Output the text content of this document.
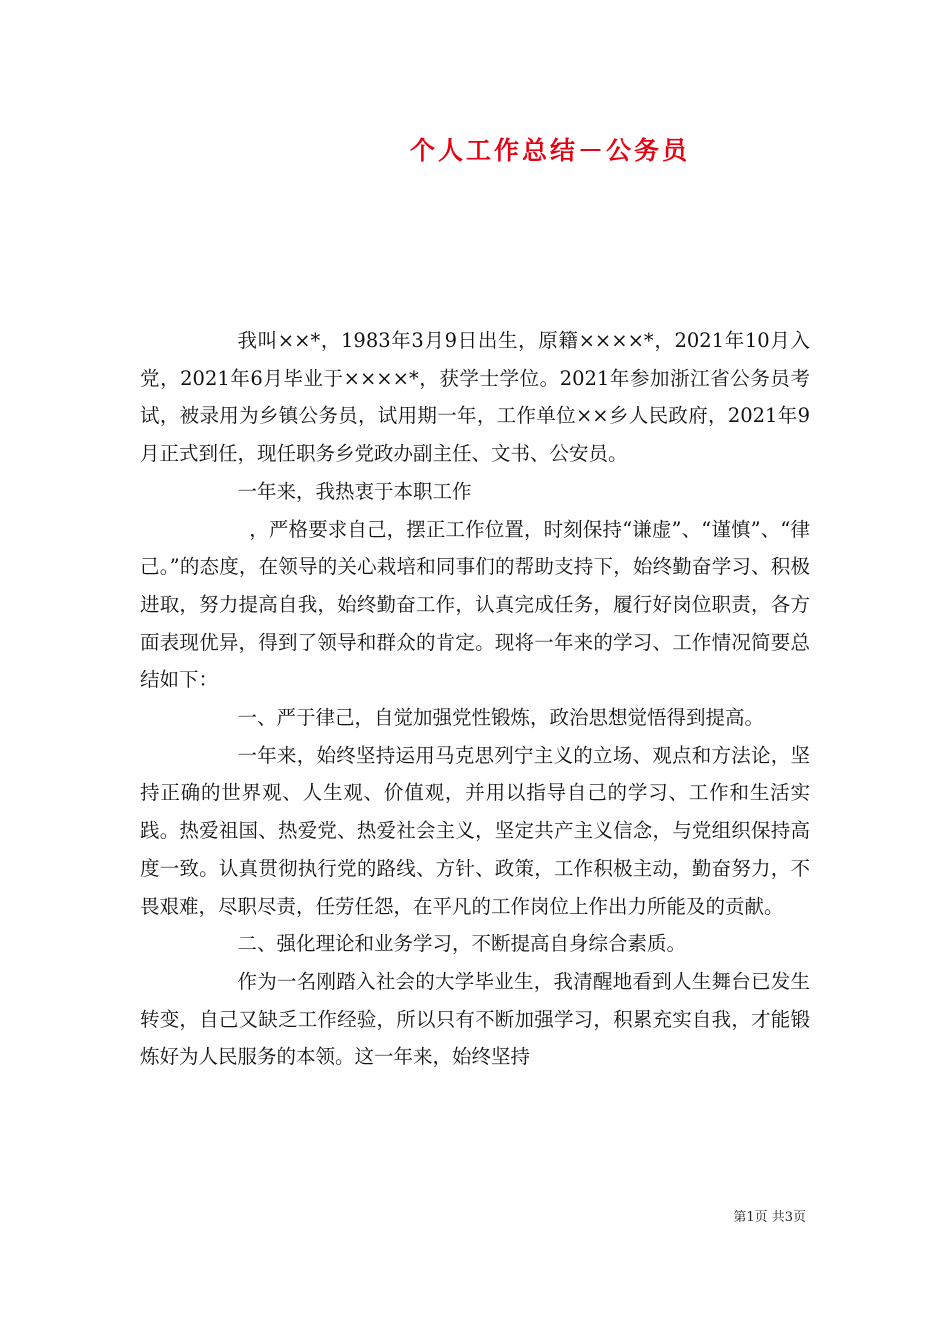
个人工作总结－公务员

我叫××*，1983年3月9日出生，原籍××××*，2021年10月入党，2021年6月毕业于××××*，获学士学位。2021年参加浙江省公务员考试，被录用为乡镇公务员，试用期一年，工作单位××乡人民政府，2021年9月正式到任，现任职务乡党政办副主任、文书、公安员。

一年来，我热衷于本职工作

，严格要求自己，摆正工作位置，时刻保持“谦虚”、“谨慎”、“律己。”的态度，在领导的关心栽培和同事们的帮助支持下，始终勤奋学习、积极进取，努力提高自我，始终勤奋工作，认真完成任务，履行好岗位职责，各方面表现优异，得到了领导和群众的肯定。现将一年来的学习、工作情况简要总结如下：

一、严于律己，自觉加强党性锻炼，政治思想觉悟得到提高。

一年来，始终坚持运用马克思列宁主义的立场、观点和方法论，坚持正确的世界观、人生观、价值观，并用以指导自己的学习、工作和生活实践。热爱祖国、热爱党、热爱社会主义，坚定共产主义信念，与党组织保持高度一致。认真贯彻执行党的路线、方针、政策，工作积极主动，勤奋努力，不畏艰难，尽职尽责，任劳任怨，在平凡的工作岗位上作出力所能及的贡献。

二、强化理论和业务学习，不断提高自身综合素质。

作为一名刚踏入社会的大学毕业生，我清醒地看到人生舞台已发生转变，自己又缺乏工作经验，所以只有不断加强学习，积累充实自我，才能锻炼好为人民服务的本领。这一年来，始终坚持

第1页 共3页
